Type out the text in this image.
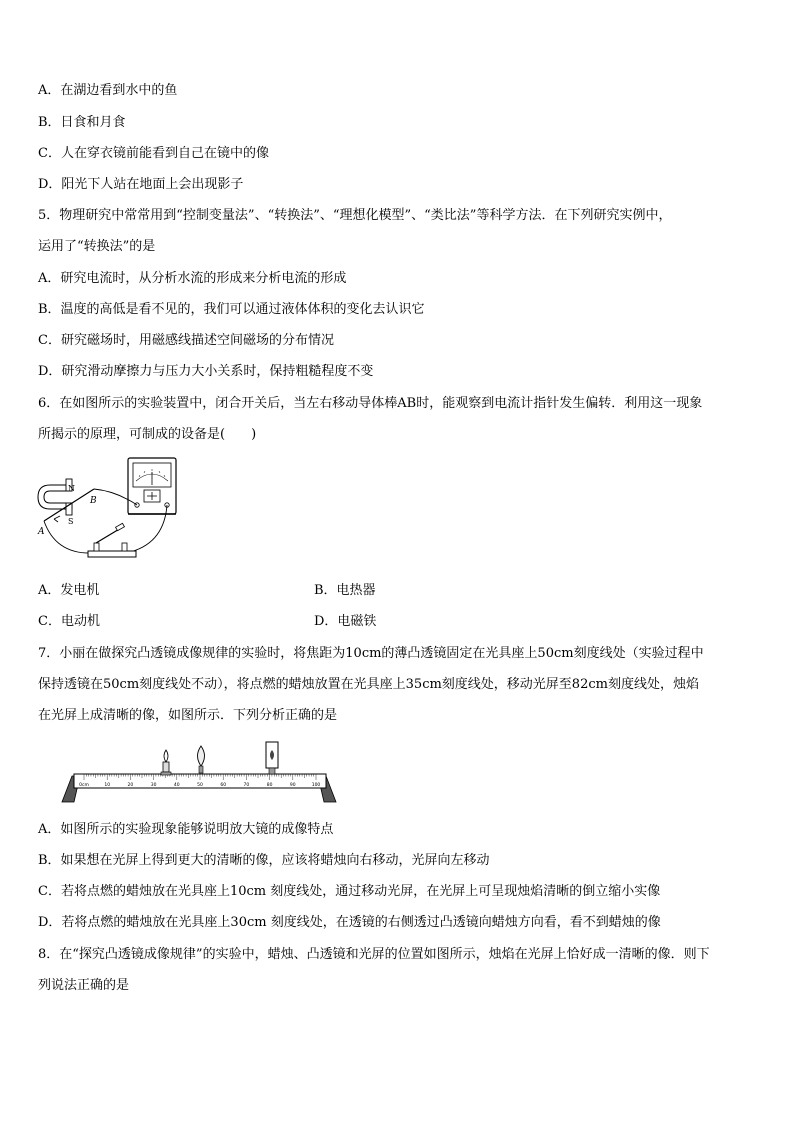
A．在湖边看到水中的鱼
B．日食和月食
C．人在穿衣镜前能看到自己在镜中的像
D．阳光下人站在地面上会出现影子
5．物理研究中常常用到“控制变量法”、“转换法”、“理想化模型”、“类比法”等科学方法．在下列研究实例中，
运用了“转换法”的是
A．研究电流时，从分析水流的形成来分析电流的形成
B．温度的高低是看不见的，我们可以通过液体体积的变化去认识它
C．研究磁场时，用磁感线描述空间磁场的分布情况
D．研究滑动摩擦力与压力大小关系时，保持粗糙程度不变
6．在如图所示的实验装置中，闭合开关后，当左右移动导体棒AB时，能观察到电流计指针发生偏转．利用这一现象
所揭示的原理，可制成的设备是(　　)
N
S
A
B
A．发电机	B．电热器
C．电动机	D．电磁铁
7．小丽在做探究凸透镜成像规律的实验时，将焦距为10cm的薄凸透镜固定在光具座上50cm刻度线处（实验过程中
保持透镜在50cm刻度线处不动），将点燃的蜡烛放置在光具座上35cm刻度线处，移动光屏至82cm刻度线处，烛焰
在光屏上成清晰的像，如图所示．下列分析正确的是
0cm	10	20	30	40	50	60	70	80	90	100
A．如图所示的实验现象能够说明放大镜的成像特点
B．如果想在光屏上得到更大的清晰的像，应该将蜡烛向右移动，光屏向左移动
C．若将点燃的蜡烛放在光具座上10cm 刻度线处，通过移动光屏，在光屏上可呈现烛焰清晰的倒立缩小实像
D．若将点燃的蜡烛放在光具座上30cm 刻度线处，在透镜的右侧透过凸透镜向蜡烛方向看，看不到蜡烛的像
8．在“探究凸透镜成像规律”的实验中，蜡烛、凸透镜和光屏的位置如图所示，烛焰在光屏上恰好成一清晰的像．则下
列说法正确的是
